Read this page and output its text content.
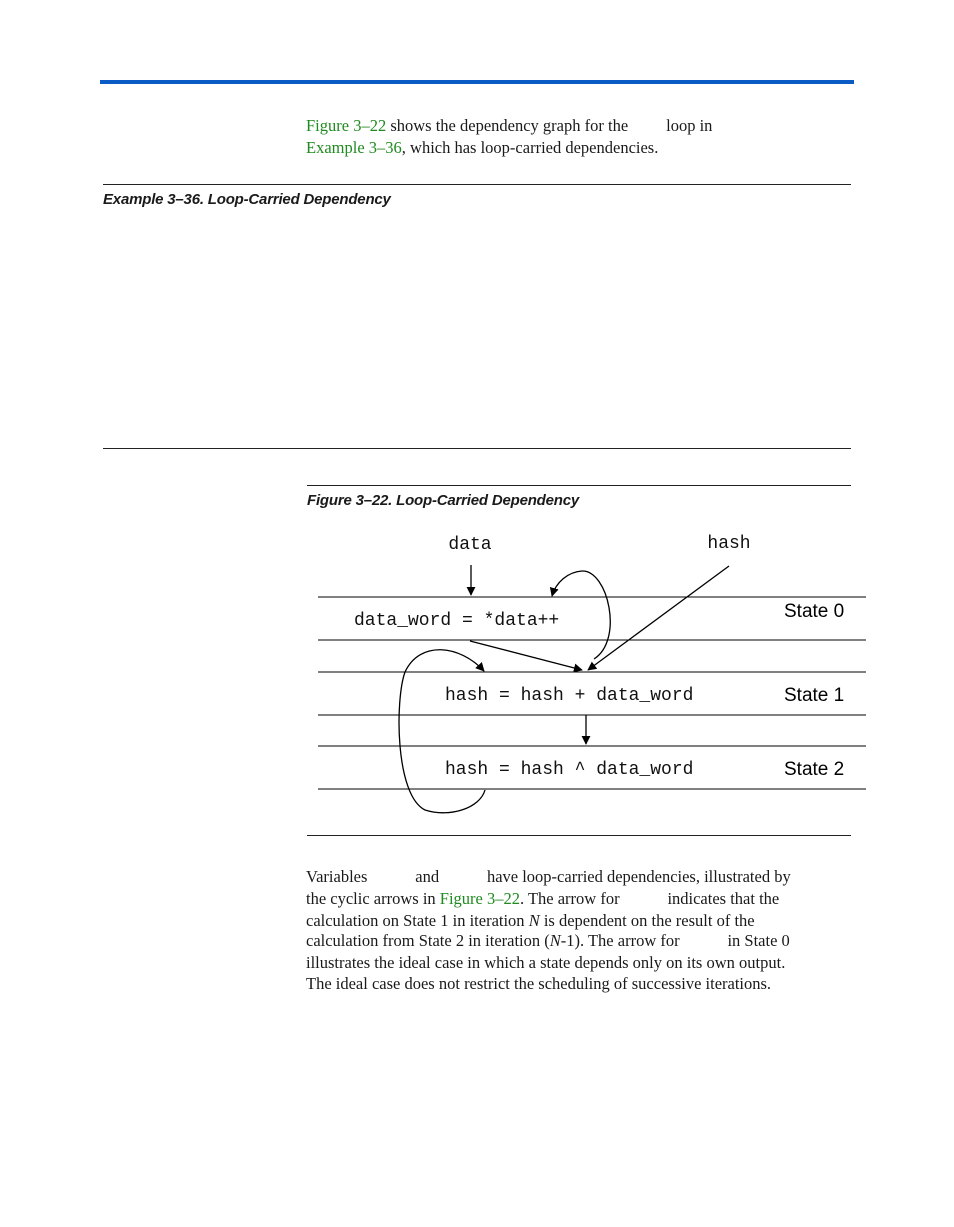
Figure 3–22 shows the dependency graph for the for loop in
Example 3–36, which has loop-carried dependencies.
Example 3–36. Loop-Carried Dependency
Figure 3–22. Loop-Carried Dependency
data	hash
data_word = *data++
hash = hash + data_word
hash = hash ^ data_word
State 0
State 1
State 2
Variables data and hash have loop-carried dependencies, illustrated by
the cyclic arrows in Figure 3–22. The arrow for hash indicates that the
calculation on State 1 in iteration N is dependent on the result of the
calculation from State 2 in iteration (N-1). The arrow for data in State 0
illustrates the ideal case in which a state depends only on its own output.
The ideal case does not restrict the scheduling of successive iterations.
